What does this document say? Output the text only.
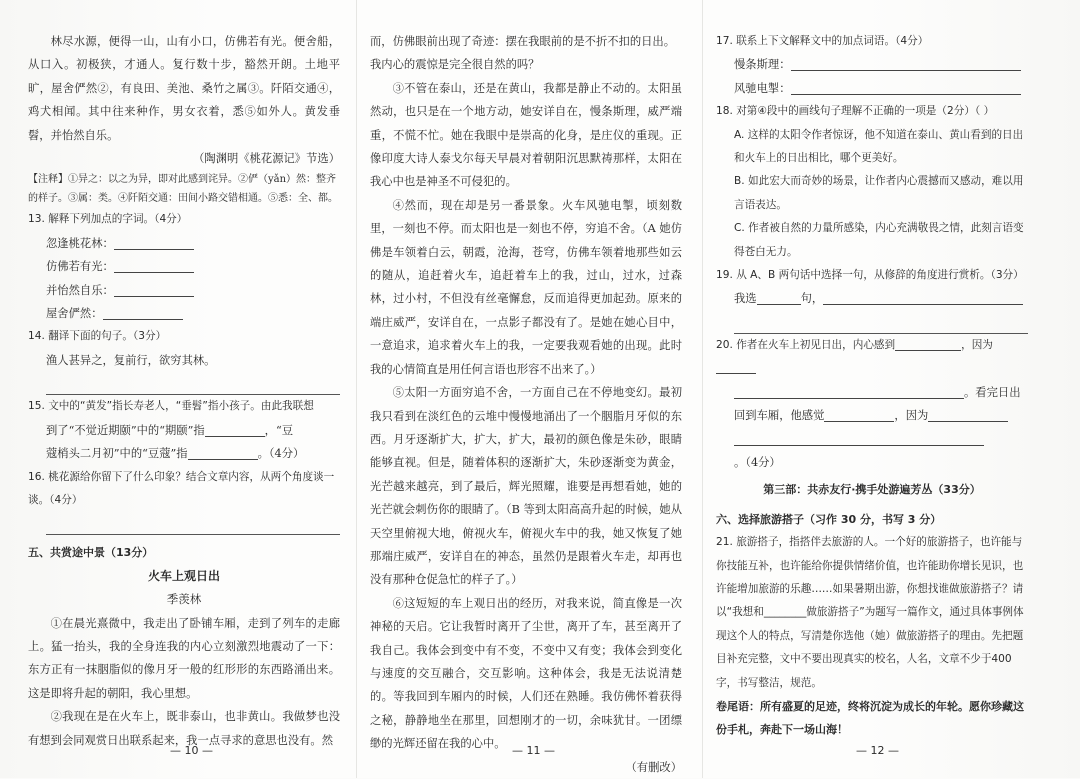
林尽水源，便得一山，山有小口，仿佛若有光。便舍船，从口入。初极狭，才通人。复行数十步，豁然开朗。土地平旷，屋舍俨然②，有良田、美池、桑竹之属③。阡陌交通④，鸡犬相闻。其中往来种作，男女衣着，悉⑤如外人。黄发垂髫，并怡然自乐。

（陶渊明《桃花源记》节选）

【注释】①异之：以之为异，即对此感到诧异。②俨（yǎn）然：整齐的样子。③属：类。④阡陌交通：田间小路交错相通。⑤悉：全、都。

13. 解释下列加点的字词。（4分）

忽逢桃花林：

仿佛若有光：

并怡然自乐：

屋舍俨然：

14. 翻译下面的句子。（3分）

渔人甚异之，复前行，欲穷其林。

15. 文中的“黄发”指长寿老人，“垂髫”指小孩子。由此我联想

到了“不觉近期颐”中的“期颐”指	，“豆

蔻梢头二月初”中的“豆蔻”指	。（4分）

16. 桃花源给你留下了什么印象？结合文章内容，从两个角度谈一谈。（4分）

五、共赏途中景（13分）

火车上观日出

季羡林

①在晨光熹微中，我走出了卧铺车厢，走到了列车的走廊上。猛一抬头，我的全身连我的内心立刻激烈地震动了一下：东方正有一抹胭脂似的像月牙一般的红形形的东西路涌出来。这是即将升起的朝阳，我心里想。

②我现在是在火车上，既非泰山，也非黄山。我做梦也没有想到会同观赏日出联系起来，我一点寻求的意思也没有。然

— 10 —

而，仿佛眼前出现了奇迹：摆在我眼前的是不折不扣的日出。我内心的震惊是完全很自然的吗？

③不管在泰山，还是在黄山，我都是静止不动的。太阳虽然动，也只是在一个地方动，她安详自在，慢条斯理，威严端重，不慌不忙。她在我眼中是崇高的化身，是庄仪的重现。正像印度大诗人泰戈尔每天早晨对着朝阳沉思默祷那样，太阳在我心中也是神圣不可侵犯的。

④然而，现在却是另一番景象。火车风驰电掣，顷刻数里，一刻也不停。而太阳也是一刻也不停，穷追不舍。（A 她仿佛是车领着白云，朝霞，沧海，苍穹，仿佛车领着地那些如云的随从，追赶着火车，追赶着车上的我，过山，过水，过森林，过小村，不但没有丝毫懈怠，反而追得更加起劲。原来的端庄威严，安详自在，一点影子都没有了。是她在她心目中，一意追求，追求着火车上的我，一定要我观看她的出现。此时我的心情简直是用任何言语也形容不出来了。）

⑤太阳一方面穷追不舍，一方面自己在不停地变幻。最初我只看到在淡红色的云堆中慢慢地涌出了一个胭脂月牙似的东西。月牙逐渐扩大，扩大，扩大，最初的颜色像是朱砂，眼睛能够直视。但是，随着体积的逐渐扩大，朱砂逐渐变为黄金，光芒越来越亮，到了最后，辉光照耀，谁要是再想看她，她的光芒就会刺伤你的眼睛了。（B 等到太阳高高升起的时候，她从天空里俯视大地，俯视火车，俯视火车中的我，她又恢复了她那端庄威严，安详自在的神态，虽然仍是跟着火车走，却再也没有那种仓促急忙的样子了。）

⑥这短短的车上观日出的经历，对我来说，简直像是一次神秘的天启。它让我暂时离开了尘世，离开了车，甚至离开了我自己。我体会到变中有不变，不变中又有变；我体会到变化与速度的交互融合，交互影响。这种体会，我是无法说清楚的。等我回到车厢内的时候，人们还在熟睡。我仿佛怀着获得之秘，静静地坐在那里，回想刚才的一切，余味犹甘。一团缥缈的光辉还留在我的心中。

（有删改）

— 11 —

17. 联系上下文解释文中的加点词语。（4分）

慢条斯理：

风驰电掣：

18. 对第④段中的画线句子理解不正确的一项是（2分）（ ）

A. 这样的太阳令作者惊讶，他不知道在泰山、黄山看到的日出和火车上的日出相比，哪个更美好。

B. 如此宏大而奇妙的场景，让作者内心震撼而又感动，难以用言语表达。

C. 作者被自然的力量所感染，内心充满敬畏之情，此刻言语变得苍白无力。

19. 从 A、B 两句话中选择一句，从修辞的角度进行赏析。（3分）

我选	句，

20. 作者在火车上初见日出，内心感到	，因为

。看完日出

回到车厢，他感觉	，因为

。（4分）

第三部：共赤友行·携手处游遍芳丛（33分）

六、选择旅游搭子（习作 30 分，书写 3 分）

21. 旅游搭子，指搭伴去旅游的人。一个好的旅游搭子，也许能与你技能互补，也许能给你提供情绪价值，也许能助你增长见识，也许能增加旅游的乐趣……如果暑期出游，你想找谁做旅游搭子？请以“我想和________做旅游搭子”为题写一篇作文，通过具体事例体现这个人的特点，写清楚你选他（她）做旅游搭子的理由。先把题目补充完整，文中不要出现真实的校名，人名，文章不少于400字，书写整洁，规范。

卷尾语：所有盛夏的足迹，终将沉淀为成长的年轮。愿你珍藏这份手札，奔赴下一场山海！

— 12 —
